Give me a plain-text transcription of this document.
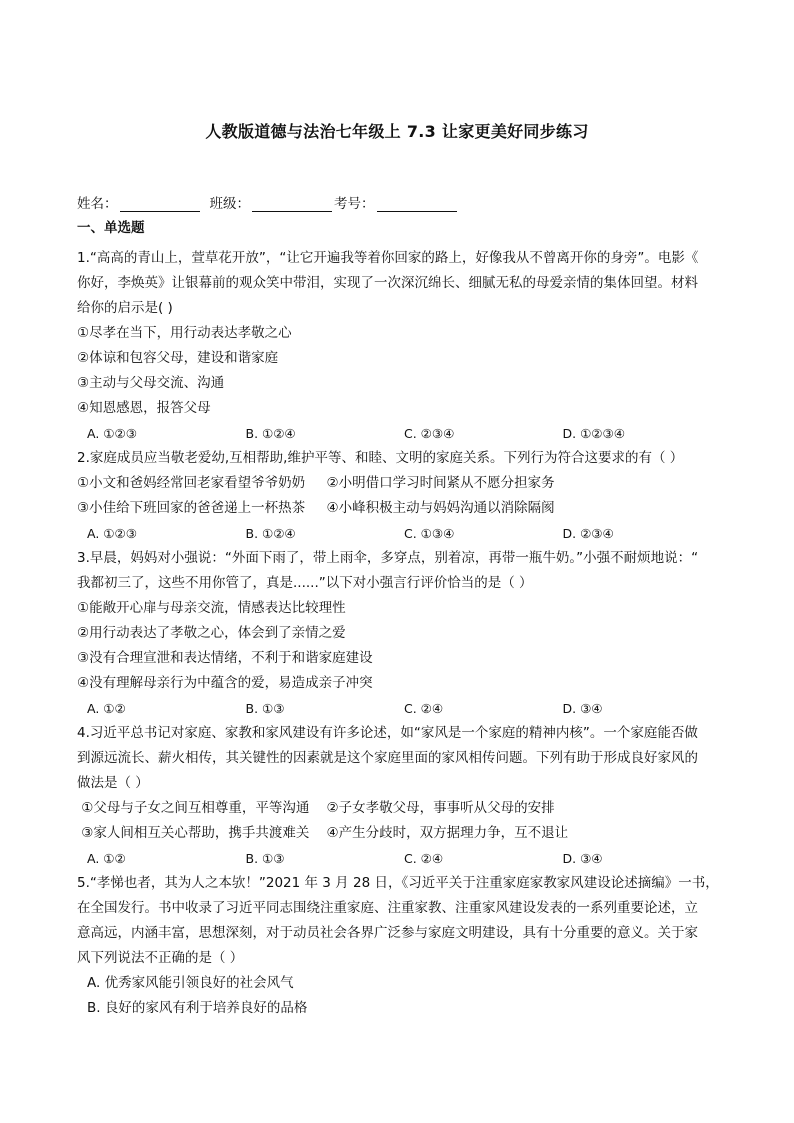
人教版道德与法治七年级上 7.3 让家更美好同步练习
姓名：	班级：	考号：
一、单选题
1.“高高的青山上，萱草花开放”，“让它开遍我等着你回家的路上，好像我从不曾离开你的身旁”。电影《
你好，李焕英》让银幕前的观众笑中带泪，实现了一次深沉绵长、细腻无私的母爱亲情的集体回望。材料
给你的启示是( )
①尽孝在当下，用行动表达孝敬之心
②体谅和包容父母，建设和谐家庭
③主动与父母交流、沟通
④知恩感恩，报答父母
A. ①②③	B. ①②④	C. ②③④	D. ①②③④
2.家庭成员应当敬老爱幼,互相帮助,维护平等、和睦、文明的家庭关系。下列行为符合这要求的有（ ）
①小文和爸妈经常回老家看望爷爷奶奶     ②小明借口学习时间紧从不愿分担家务
③小佳给下班回家的爸爸递上一杯热茶     ④小峰积极主动与妈妈沟通以消除隔阂
A. ①②③	B. ①②④	C. ①③④	D. ②③④
3.早晨，妈妈对小强说：“外面下雨了，带上雨伞，多穿点，别着凉，再带一瓶牛奶。”小强不耐烦地说：“
我都初三了，这些不用你管了，真是......”以下对小强言行评价恰当的是（ ）
①能敞开心扉与母亲交流，情感表达比较理性
②用行动表达了孝敬之心，体会到了亲情之爱
③没有合理宣泄和表达情绪，不利于和谐家庭建设
④没有理解母亲行为中蕴含的爱，易造成亲子冲突
A. ①②	B. ①③	C. ②④	D. ③④
4.习近平总书记对家庭、家教和家风建设有许多论述，如“家风是一个家庭的精神内核”。一个家庭能否做
到源远流长、薪火相传，其关键性的因素就是这个家庭里面的家风相传问题。下列有助于形成良好家风的
做法是（ ）
①父母与子女之间互相尊重，平等沟通    ②子女孝敬父母，事事听从父母的安排
③家人间相互关心帮助，携手共渡难关    ④产生分歧时，双方据理力争，互不退让
A. ①②	B. ①③	C. ②④	D. ③④
5.“孝悌也者，其为人之本欤！”2021 年 3 月 28 日，《习近平关于注重家庭家教家风建设论述摘编》一书，
在全国发行。书中收录了习近平同志围绕注重家庭、注重家教、注重家风建设发表的一系列重要论述，立
意高远，内涵丰富，思想深刻，对于动员社会各界广泛参与家庭文明建设，具有十分重要的意义。关于家
风下列说法不正确的是（ ）
A. 优秀家风能引领良好的社会风气
B. 良好的家风有利于培养良好的品格
